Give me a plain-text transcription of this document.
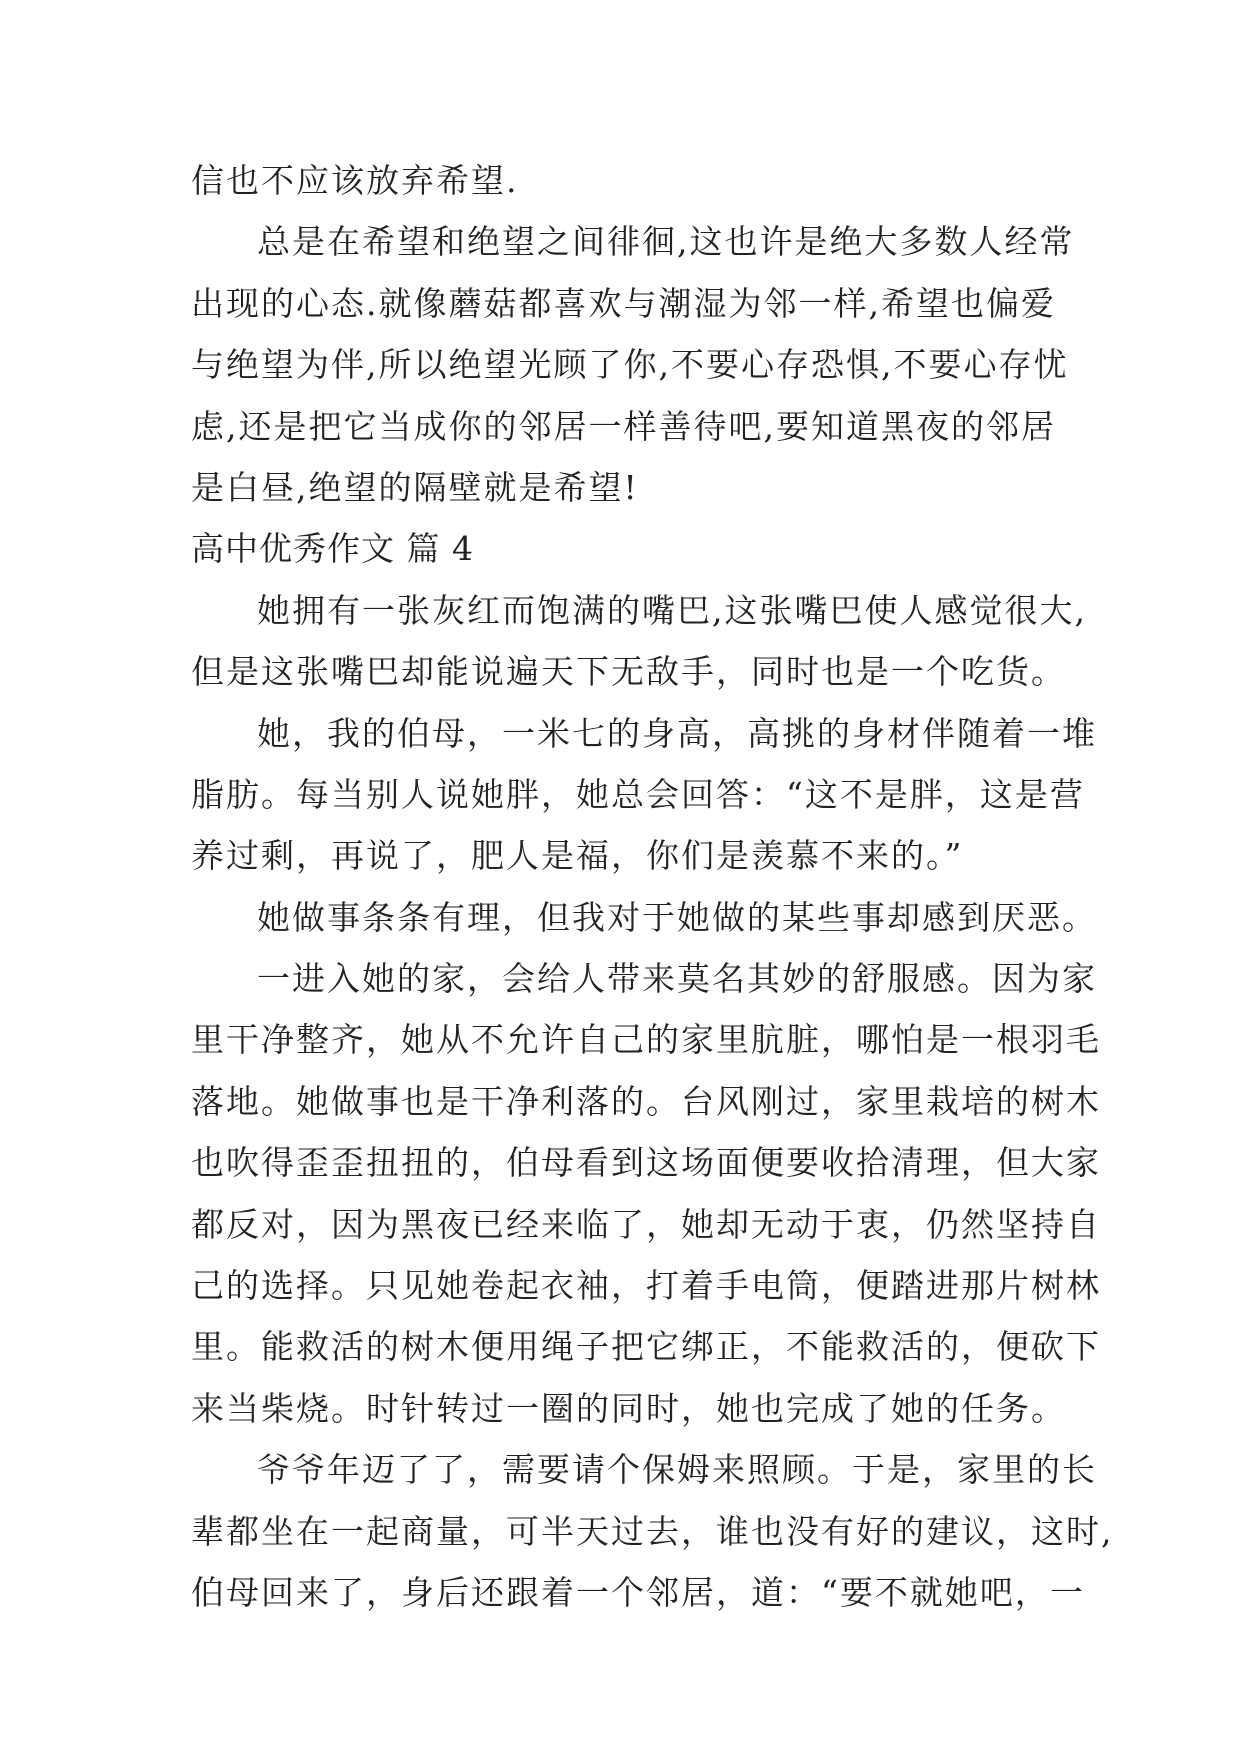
信也不应该放弃希望.
总是在希望和绝望之间徘徊,这也许是绝大多数人经常
出现的心态.就像蘑菇都喜欢与潮湿为邻一样,希望也偏爱
与绝望为伴,所以绝望光顾了你,不要心存恐惧,不要心存忧
虑,还是把它当成你的邻居一样善待吧,要知道黑夜的邻居
是白昼,绝望的隔壁就是希望!
高中优秀作文 篇 4
她拥有一张灰红而饱满的嘴巴,这张嘴巴使人感觉很大,
但是这张嘴巴却能说遍天下无敌手，同时也是一个吃货。
她，我的伯母，一米七的身高，高挑的身材伴随着一堆
脂肪。每当别人说她胖，她总会回答：“这不是胖，这是营
养过剩，再说了，肥人是福，你们是羡慕不来的。”
她做事条条有理，但我对于她做的某些事却感到厌恶。
一进入她的家，会给人带来莫名其妙的舒服感。因为家
里干净整齐，她从不允许自己的家里肮脏，哪怕是一根羽毛
落地。她做事也是干净利落的。台风刚过，家里栽培的树木
也吹得歪歪扭扭的，伯母看到这场面便要收拾清理，但大家
都反对，因为黑夜已经来临了，她却无动于衷，仍然坚持自
己的选择。只见她卷起衣袖，打着手电筒，便踏进那片树林
里。能救活的树木便用绳子把它绑正，不能救活的，便砍下
来当柴烧。时针转过一圈的同时，她也完成了她的任务。
爷爷年迈了了，需要请个保姆来照顾。于是，家里的长
辈都坐在一起商量，可半天过去，谁也没有好的建议，这时,
伯母回来了，身后还跟着一个邻居，道：“要不就她吧，一
